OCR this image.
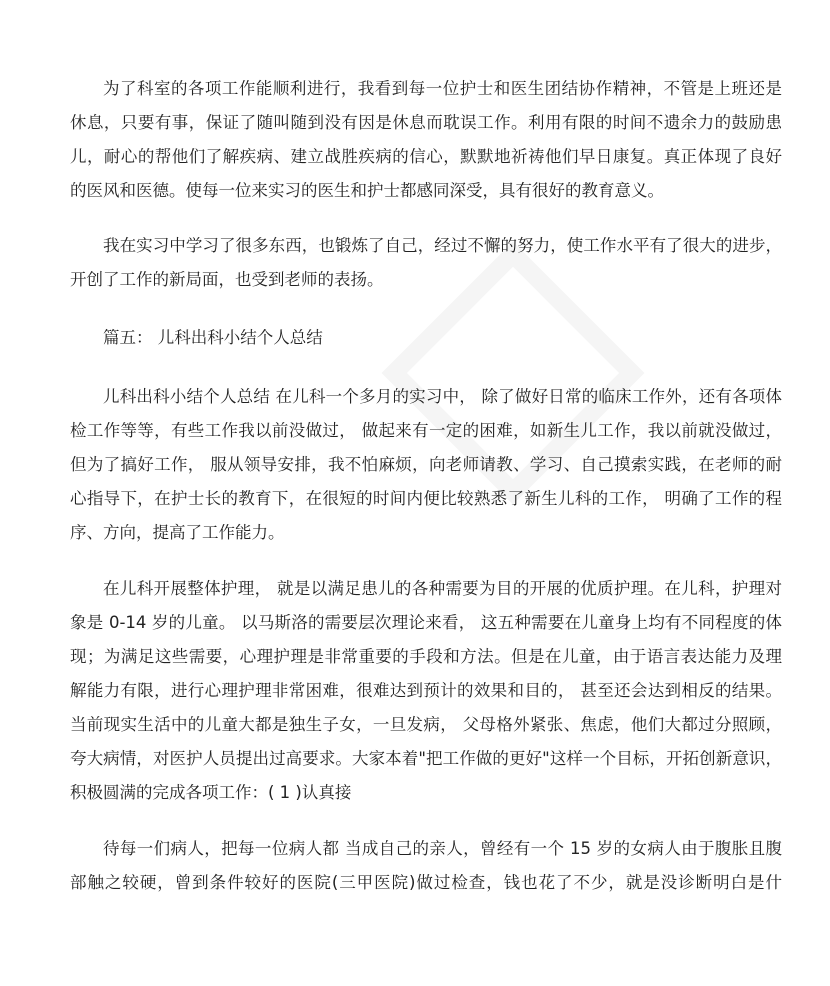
为了科室的各项工作能顺利进行，我看到每一位护士和医生团结协作精神，不管是上班还是
休息，只要有事，保证了随叫随到没有因是休息而耽误工作。利用有限的时间不遗余力的鼓励患
儿，耐心的帮他们了解疾病、建立战胜疾病的信心，默默地祈祷他们早日康复。真正体现了良好
的医风和医德。使每一位来实习的医生和护士都感同深受，具有很好的教育意义。
我在实习中学习了很多东西，也锻炼了自己，经过不懈的努力，使工作水平有了很大的进步，
开创了工作的新局面，也受到老师的表扬。
篇五： 儿科出科小结个人总结
儿科出科小结个人总结 在儿科一个多月的实习中， 除了做好日常的临床工作外，还有各项体
检工作等等，有些工作我以前没做过， 做起来有一定的困难，如新生儿工作，我以前就没做过，
但为了搞好工作， 服从领导安排，我不怕麻烦，向老师请教、学习、自己摸索实践，在老师的耐
心指导下，在护士长的教育下，在很短的时间内便比较熟悉了新生儿科的工作， 明确了工作的程
序、方向，提高了工作能力。
在儿科开展整体护理， 就是以满足患儿的各种需要为目的开展的优质护理。在儿科，护理对
象是 0-14 岁的儿童。 以马斯洛的需要层次理论来看， 这五种需要在儿童身上均有不同程度的体
现；为满足这些需要，心理护理是非常重要的手段和方法。但是在儿童，由于语言表达能力及理
解能力有限，进行心理护理非常困难，很难达到预计的效果和目的， 甚至还会达到相反的结果。
当前现实生活中的儿童大都是独生子女，一旦发病， 父母格外紧张、焦虑，他们大都过分照顾，
夸大病情，对医护人员提出过高要求。大家本着"把工作做的更好"这样一个目标，开拓创新意识，
积极圆满的完成各项工作：( 1 )认真接
待每一们病人，把每一位病人都 当成自己的亲人，曾经有一个 15 岁的女病人由于腹胀且腹
部触之较硬，曾到条件较好的医院(三甲医院)做过检查，钱也花了不少，就是没诊断明白是什
